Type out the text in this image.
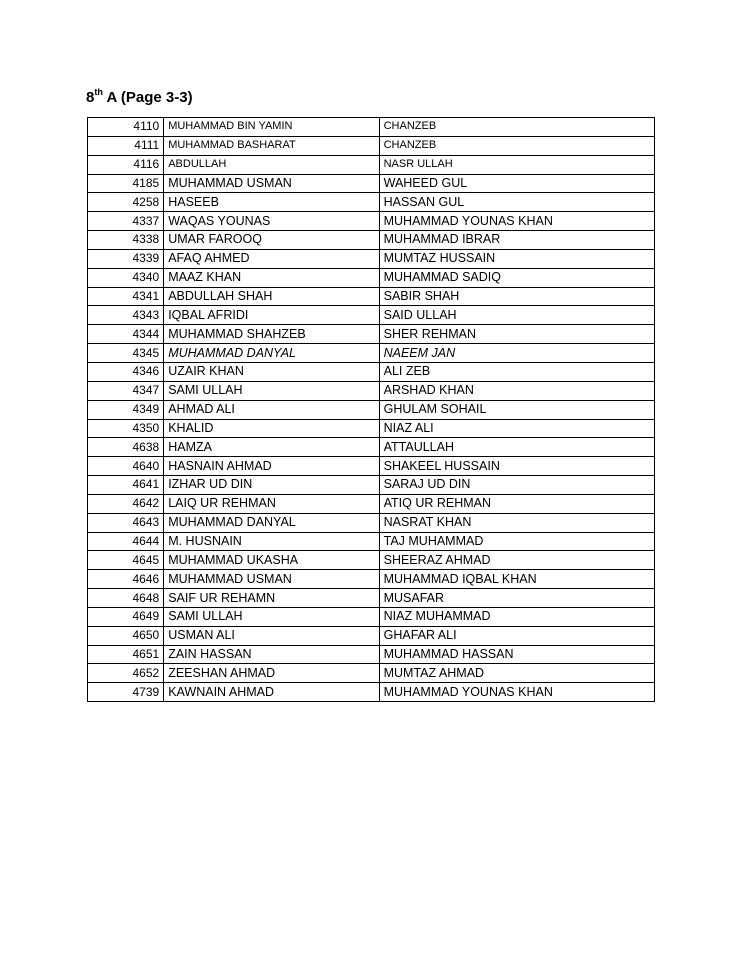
8th A (Page 3-3)
4110	MUHAMMAD BIN YAMIN	CHANZEB
4111	MUHAMMAD BASHARAT	CHANZEB
4116	ABDULLAH	NASR ULLAH
4185	MUHAMMAD USMAN	WAHEED GUL
4258	HASEEB	HASSAN GUL
4337	WAQAS YOUNAS	MUHAMMAD YOUNAS KHAN
4338	UMAR FAROOQ	MUHAMMAD IBRAR
4339	AFAQ AHMED	MUMTAZ HUSSAIN
4340	MAAZ KHAN	MUHAMMAD SADIQ
4341	ABDULLAH SHAH	SABIR SHAH
4343	IQBAL AFRIDI	SAID ULLAH
4344	MUHAMMAD SHAHZEB	SHER REHMAN
4345	MUHAMMAD DANYAL	NAEEM JAN
4346	UZAIR KHAN	ALI ZEB
4347	SAMI ULLAH	ARSHAD KHAN
4349	AHMAD ALI	GHULAM SOHAIL
4350	KHALID	NIAZ ALI
4638	HAMZA	ATTAULLAH
4640	HASNAIN AHMAD	SHAKEEL HUSSAIN
4641	IZHAR UD DIN	SARAJ UD DIN
4642	LAIQ UR REHMAN	ATIQ UR REHMAN
4643	MUHAMMAD DANYAL	NASRAT KHAN
4644	M. HUSNAIN	TAJ MUHAMMAD
4645	MUHAMMAD UKASHA	SHEERAZ AHMAD
4646	MUHAMMAD USMAN	MUHAMMAD IQBAL KHAN
4648	SAIF UR REHAMN	MUSAFAR
4649	SAMI ULLAH	NIAZ MUHAMMAD
4650	USMAN ALI	GHAFAR ALI
4651	ZAIN HASSAN	MUHAMMAD HASSAN
4652	ZEESHAN AHMAD	MUMTAZ AHMAD
4739	KAWNAIN AHMAD	MUHAMMAD YOUNAS KHAN
